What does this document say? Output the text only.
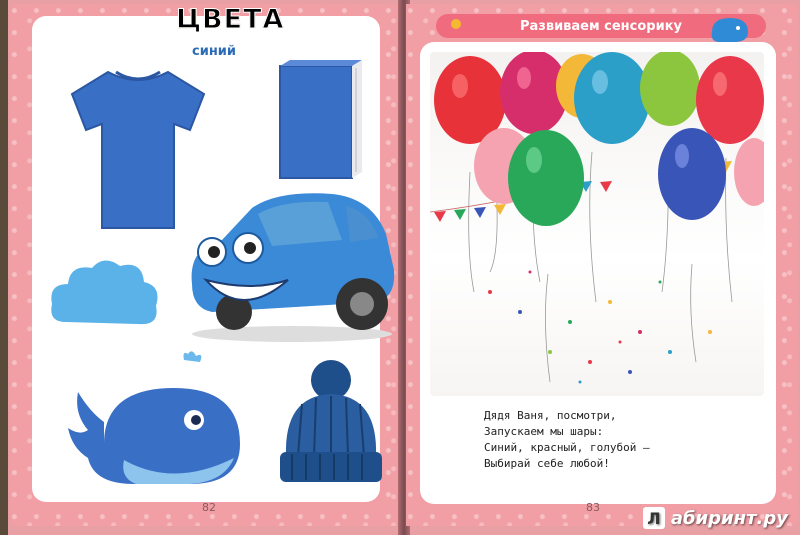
ЦВЕТА
синий
82
Развиваем сенсорику
83
Дядя Ваня, посмотри,
Запускаем мы шары:
Синий, красный, голубой —
Выбирай себе любой!
Л абиринт.ру
